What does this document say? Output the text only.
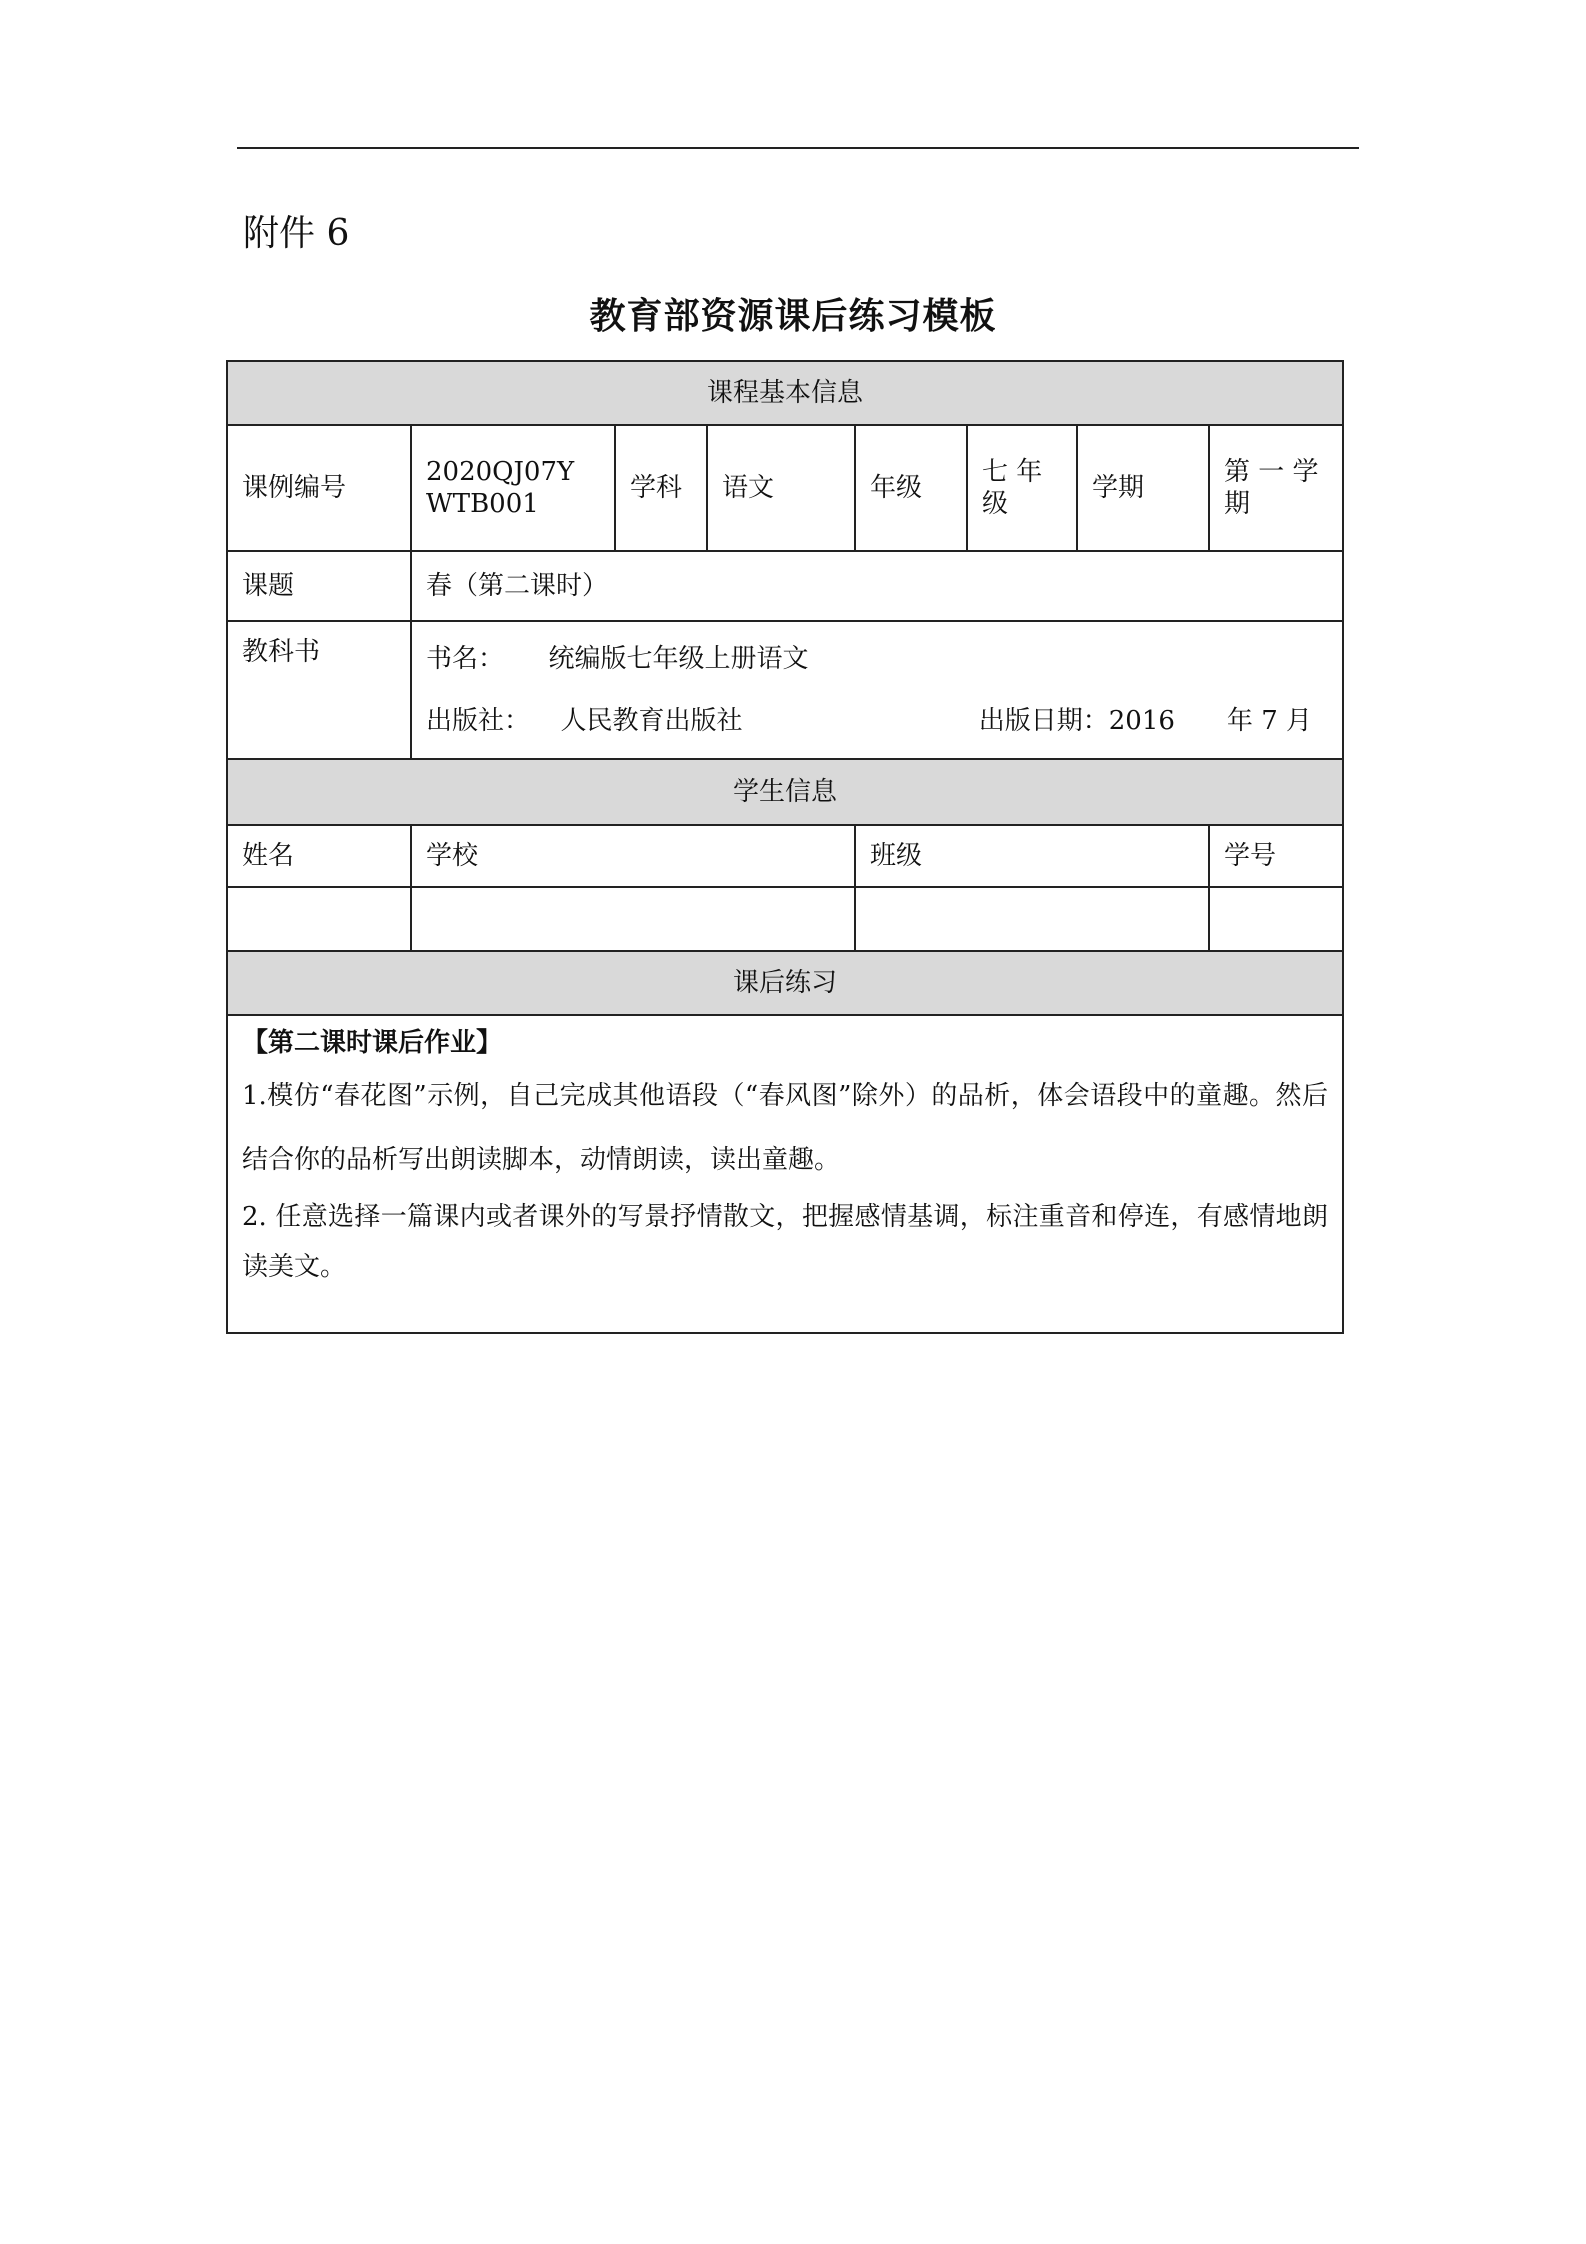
附件 6
教育部资源课后练习模板
课程基本信息							
课例编号	2020QJ07YWTB001	学科	语文	年级	七 年 级	学期	第 一 学 期
课题	春（第二课时）						
教科书	书名： 统编版七年级上册语文
出版社： 人民教育出版社 出版日期：2016　　年 7 月						

学生信息							
姓名	学校			班级			学号

课后练习							

【第二课时课后作业】
1.模仿“春花图”示例，自己完成其他语段（“春风图”除外）的品析，体会语段中的童趣。然后结合你的品析写出朗读脚本，动情朗读，读出童趣。
2. 任意选择一篇课内或者课外的写景抒情散文，把握感情基调，标注重音和停连，有感情地朗读美文。							
